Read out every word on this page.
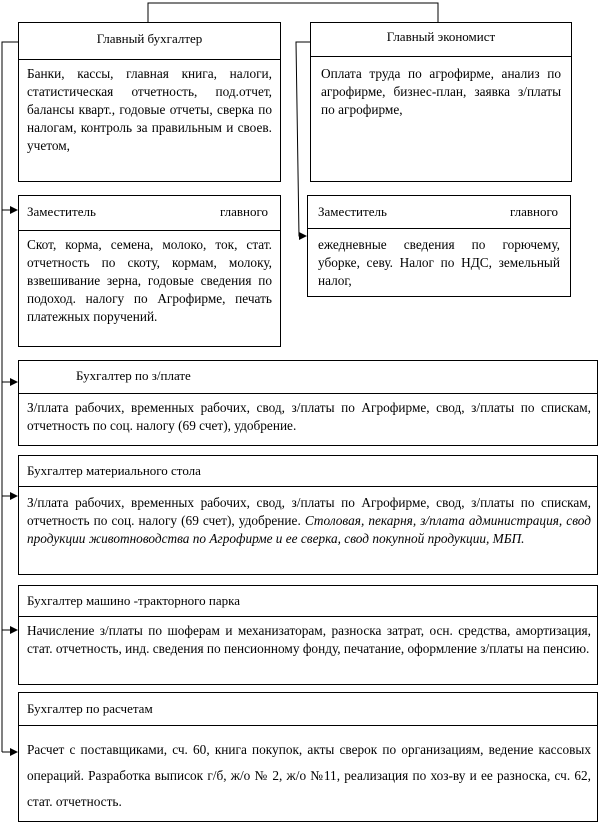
Главный бухгалтер
Банки, кассы, главная книга, налоги, статистическая отчетность, под.отчет, балансы кварт., годовые отчеты, сверка по налогам, контроль за правильным и своев. учетом,
Главный экономист
Оплата труда по агрофирме, анализ по агрофирме, бизнес-план, заявка з/платы по агрофирме,
Заместитель	главного
Скот, корма, семена, молоко, ток, стат. отчетность по скоту, кормам, молоку, взвешивание зерна, годовые сведения по подоход. налогу по Агрофирме, печать платежных поручений.
Заместитель	главного
ежедневные сведения по горючему, уборке, севу. Налог по НДС, земельный налог,
Бухгалтер по з/плате
З/плата рабочих, временных рабочих, свод, з/платы по Агрофирме, свод, з/платы по спискам, отчетность по соц. налогу (69 счет), удобрение.
Бухгалтер материального стола
З/плата рабочих, временных рабочих, свод, з/платы по Агрофирме, свод, з/платы по спискам, отчетность по соц. налогу (69 счет), удобрение. Столовая, пекарня, з/плата администрация, свод продукции животноводства по Агрофирме и ее сверка, свод покупной продукции, МБП.
Бухгалтер машино -тракторного парка
Начисление з/платы по шоферам и механизаторам, разноска затрат, осн. средства, амортизация, стат. отчетность, инд. сведения по пенсионному фонду, печатание, оформление з/платы на пенсию.
Бухгалтер по расчетам
Расчет с поставщиками, сч. 60, книга покупок, акты сверок по организациям, ведение кассовых операций. Разработка выписок г/б, ж/о № 2, ж/о №11, реализация по хоз-ву и ее разноска, сч. 62, стат. отчетность.
